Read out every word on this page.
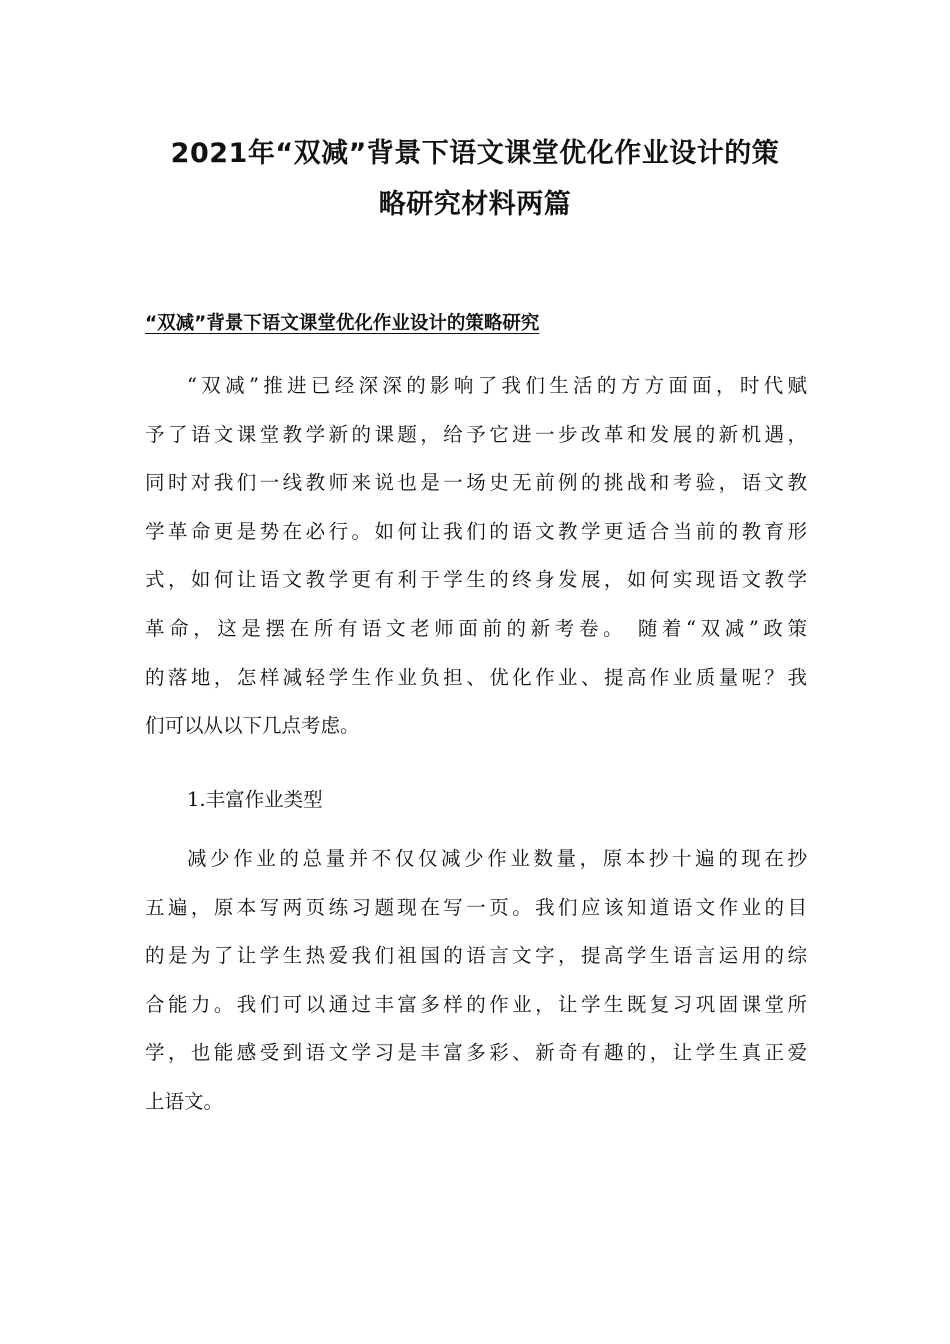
2021年“双减”背景下语文课堂优化作业设计的策
略研究材料两篇
“双减”背景下语文课堂优化作业设计的策略研究

“双减”推进已经深深的影响了我们生活的方方面面，时代赋
予了语文课堂教学新的课题，给予它进一步改革和发展的新机遇，
同时对我们一线教师来说也是一场史无前例的挑战和考验，语文教
学革命更是势在必行。如何让我们的语文教学更适合当前的教育形
式，如何让语文教学更有利于学生的终身发展，如何实现语文教学
革命，这是摆在所有语文老师面前的新考卷。 随着“双减”政策
的落地，怎样减轻学生作业负担、优化作业、提高作业质量呢？我
们可以从以下几点考虑。

1.丰富作业类型

减少作业的总量并不仅仅减少作业数量，原本抄十遍的现在抄
五遍，原本写两页练习题现在写一页。我们应该知道语文作业的目
的是为了让学生热爱我们祖国的语言文字，提高学生语言运用的综
合能力。我们可以通过丰富多样的作业，让学生既复习巩固课堂所
学，也能感受到语文学习是丰富多彩、新奇有趣的，让学生真正爱
上语文。
